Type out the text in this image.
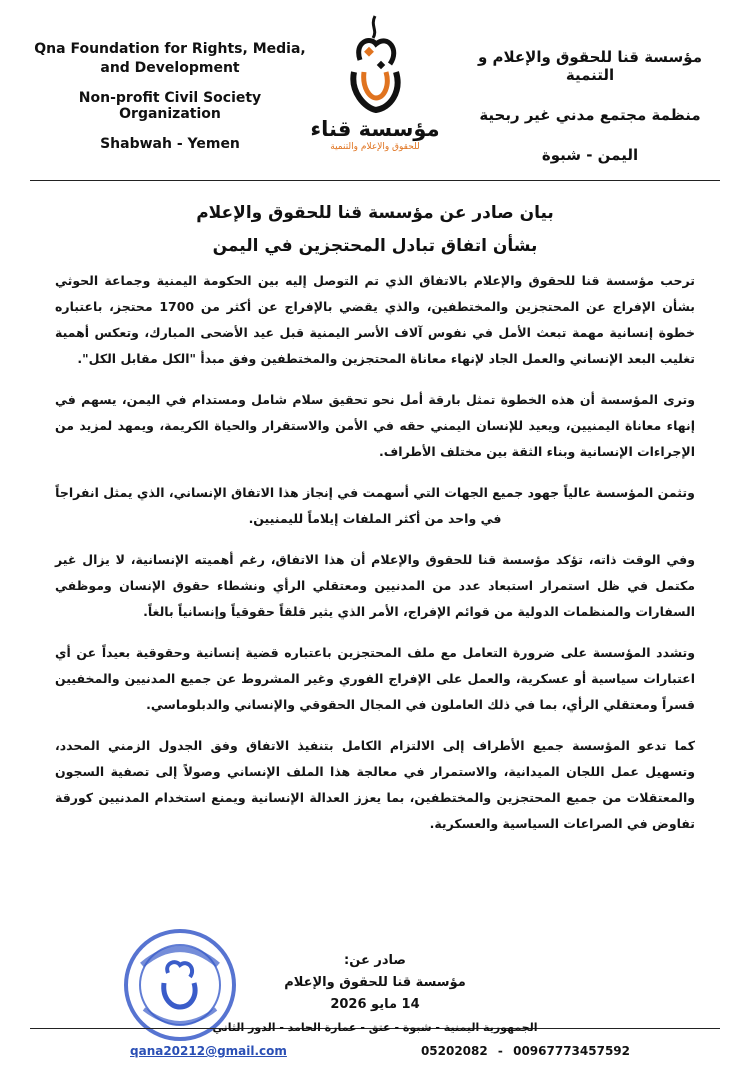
Qna Foundation for Rights, Media,
and Development
Non-profit Civil Society Organization
Shabwah - Yemen
مؤسسة قناء
للحقوق والإعلام والتنمية
مؤسسة قنا للحقوق والإعلام و التنمية
منظمة مجتمع مدني غير ربحية
اليمن - شبوة
بيان صادر عن مؤسسة قنا للحقوق والإعلام
بشأن اتفاق تبادل المحتجزين في اليمن

ترحب مؤسسة قنا للحقوق والإعلام بالاتفاق الذي تم التوصل إليه بين الحكومة اليمنية وجماعة الحوثي بشأن الإفراج عن المحتجزين والمختطفين، والذي يقضي بالإفراج عن أكثر من 1700 محتجز، باعتباره خطوة إنسانية مهمة تبعث الأمل في نفوس آلاف الأسر اليمنية قبل عيد الأضحى المبارك، وتعكس أهمية تغليب البعد الإنساني والعمل الجاد لإنهاء معاناة المحتجزين والمختطفين وفق مبدأ "الكل مقابل الكل".

وترى المؤسسة أن هذه الخطوة تمثل بارقة أمل نحو تحقيق سلام شامل ومستدام في اليمن، يسهم في إنهاء معاناة اليمنيين، ويعيد للإنسان اليمني حقه في الأمن والاستقرار والحياة الكريمة، ويمهد لمزيد من الإجراءات الإنسانية وبناء الثقة بين مختلف الأطراف.

وتثمن المؤسسة عالياً جهود جميع الجهات التي أسهمت في إنجاز هذا الاتفاق الإنساني، الذي يمثل انفراجاً في واحد من أكثر الملفات إيلاماً لليمنيين.

وفي الوقت ذاته، تؤكد مؤسسة قنا للحقوق والإعلام أن هذا الاتفاق، رغم أهميته الإنسانية، لا يزال غير مكتمل في ظل استمرار استبعاد عدد من المدنيين ومعتقلي الرأي ونشطاء حقوق الإنسان وموظفي السفارات والمنظمات الدولية من قوائم الإفراج، الأمر الذي يثير قلقاً حقوقياً وإنسانياً بالغاً.

وتشدد المؤسسة على ضرورة التعامل مع ملف المحتجزين باعتباره قضية إنسانية وحقوقية بعيداً عن أي اعتبارات سياسية أو عسكرية، والعمل على الإفراج الفوري وغير المشروط عن جميع المدنيين والمخفيين قسراً ومعتقلي الرأي، بما في ذلك العاملون في المجال الحقوقي والإنساني والدبلوماسي.

كما تدعو المؤسسة جميع الأطراف إلى الالتزام الكامل بتنفيذ الاتفاق وفق الجدول الزمني المحدد، وتسهيل عمل اللجان الميدانية، والاستمرار في معالجة هذا الملف الإنساني وصولاً إلى تصفية السجون والمعتقلات من جميع المحتجزين والمختطفين، بما يعزز العدالة الإنسانية ويمنع استخدام المدنيين كورقة تفاوض في الصراعات السياسية والعسكرية.

صادر عن:
مؤسسة قنا للحقوق والإعلام
14 مايو 2026
الجمهورية اليمنية - شبوة - عتق - عمارة الحامد - الدور الثاني
qana20212@gmail.com	05202082 - 00967773457592
